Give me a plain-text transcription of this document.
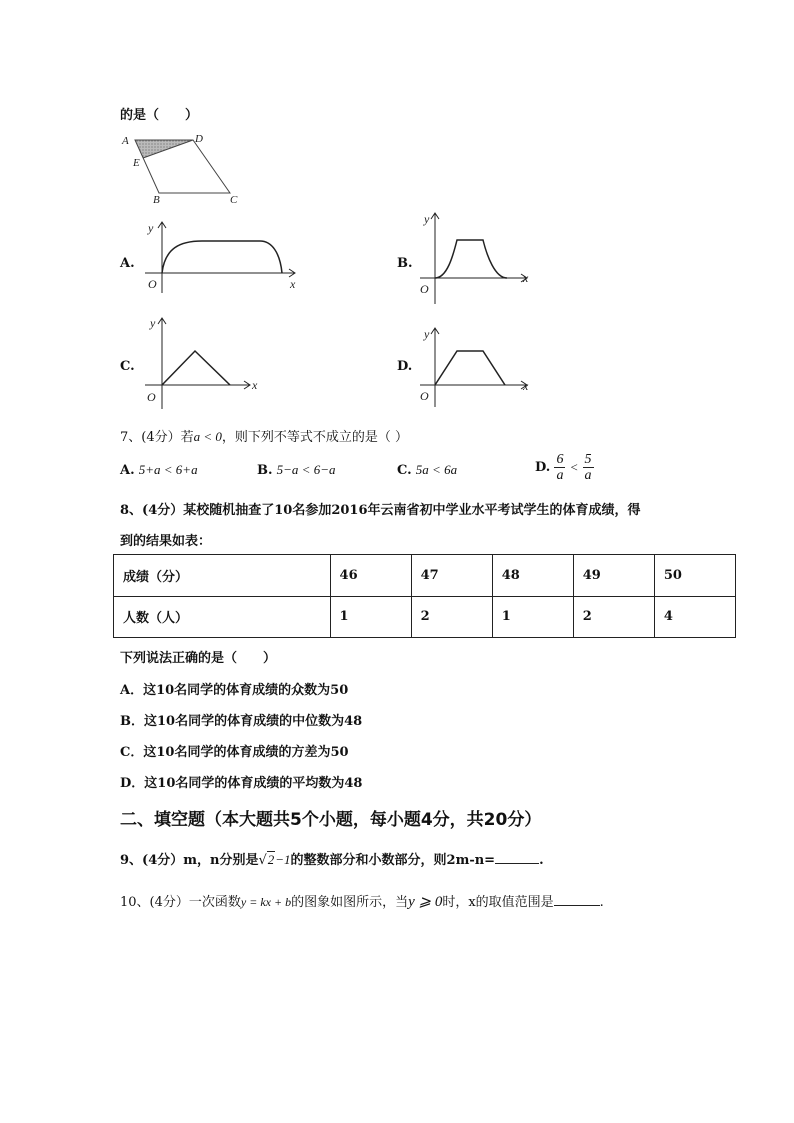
的是（　　）
A	D
E
B	C
A.	B.
C.	D.
y
x
O
y
x
O
y
x
O
y
x
O
7、(4分）若a < 0，则下列不等式不成立的是（ ）
A. 5+a < 6+a	B. 5−a < 6−a	C. 5a < 6a	D. $\frac{6}{a} < \frac{5}{a}$
8、(4分）某校随机抽查了10名参加2016年云南省初中学业水平考试学生的体育成绩，得
到的结果如表：
成绩（分）	46	47	48	49	50
人数（人）	1	2	1	2	4
下列说法正确的是（　　）
A．这10名同学的体育成绩的众数为50
B．这10名同学的体育成绩的中位数为48
C．这10名同学的体育成绩的方差为50
D．这10名同学的体育成绩的平均数为48
二、填空题（本大题共5个小题，每小题4分，共20分）
9、(4分）m，n分别是√2−1的整数部分和小数部分，则2m-n=	.
10、(4分）一次函数y = kx + b的图象如图所示，当y ⩾ 0时，x的取值范围是	.
